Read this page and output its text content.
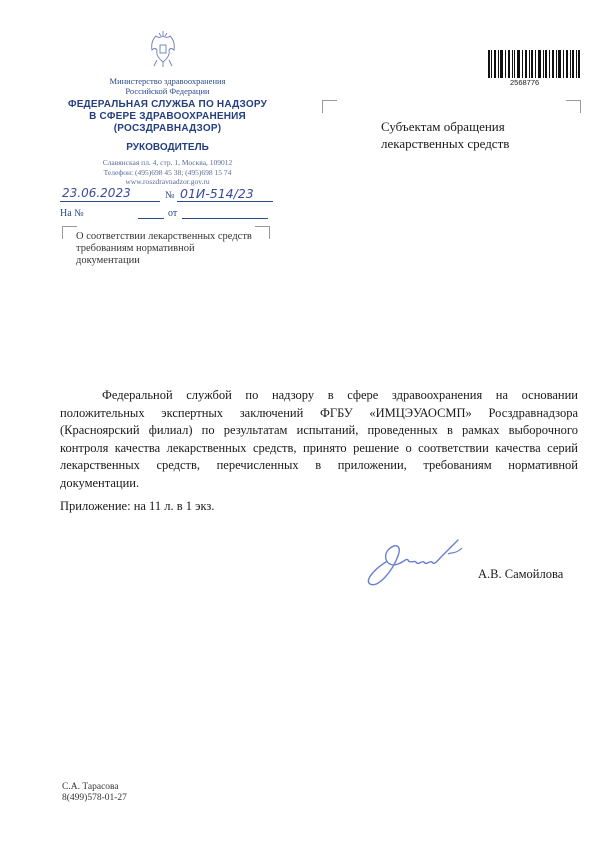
Министерство здравоохранения
Российской Федерации
ФЕДЕРАЛЬНАЯ СЛУЖБА ПО НАДЗОРУ
В СФЕРЕ ЗДРАВООХРАНЕНИЯ
(РОСЗДРАВНАДЗОР)
РУКОВОДИТЕЛЬ
Славянская пл. 4, стр. 1, Москва, 109012
Телефон: (495)698 45 38; (495)698 15 74
www.roszdravnadzor.gov.ru
23.06.2023	№ 01И-514/23
На №	от
2568776
Субъектам обращения лекарственных средств
О соответствии лекарственных средств требованиям нормативной документации
Федеральной службой по надзору в сфере здравоохранения на основании положительных экспертных заключений ФГБУ «ИМЦЭУАОСМП» Росздравнадзора (Красноярский филиал) по результатам испытаний, проведенных в рамках выборочного контроля качества лекарственных средств, принято решение о соответствии качества серий лекарственных средств, перечисленных в приложении, требованиям нормативной документации.
Приложение: на 11 л. в 1 экз.
А.В. Самойлова
С.А. Тарасова
8(499)578-01-27
